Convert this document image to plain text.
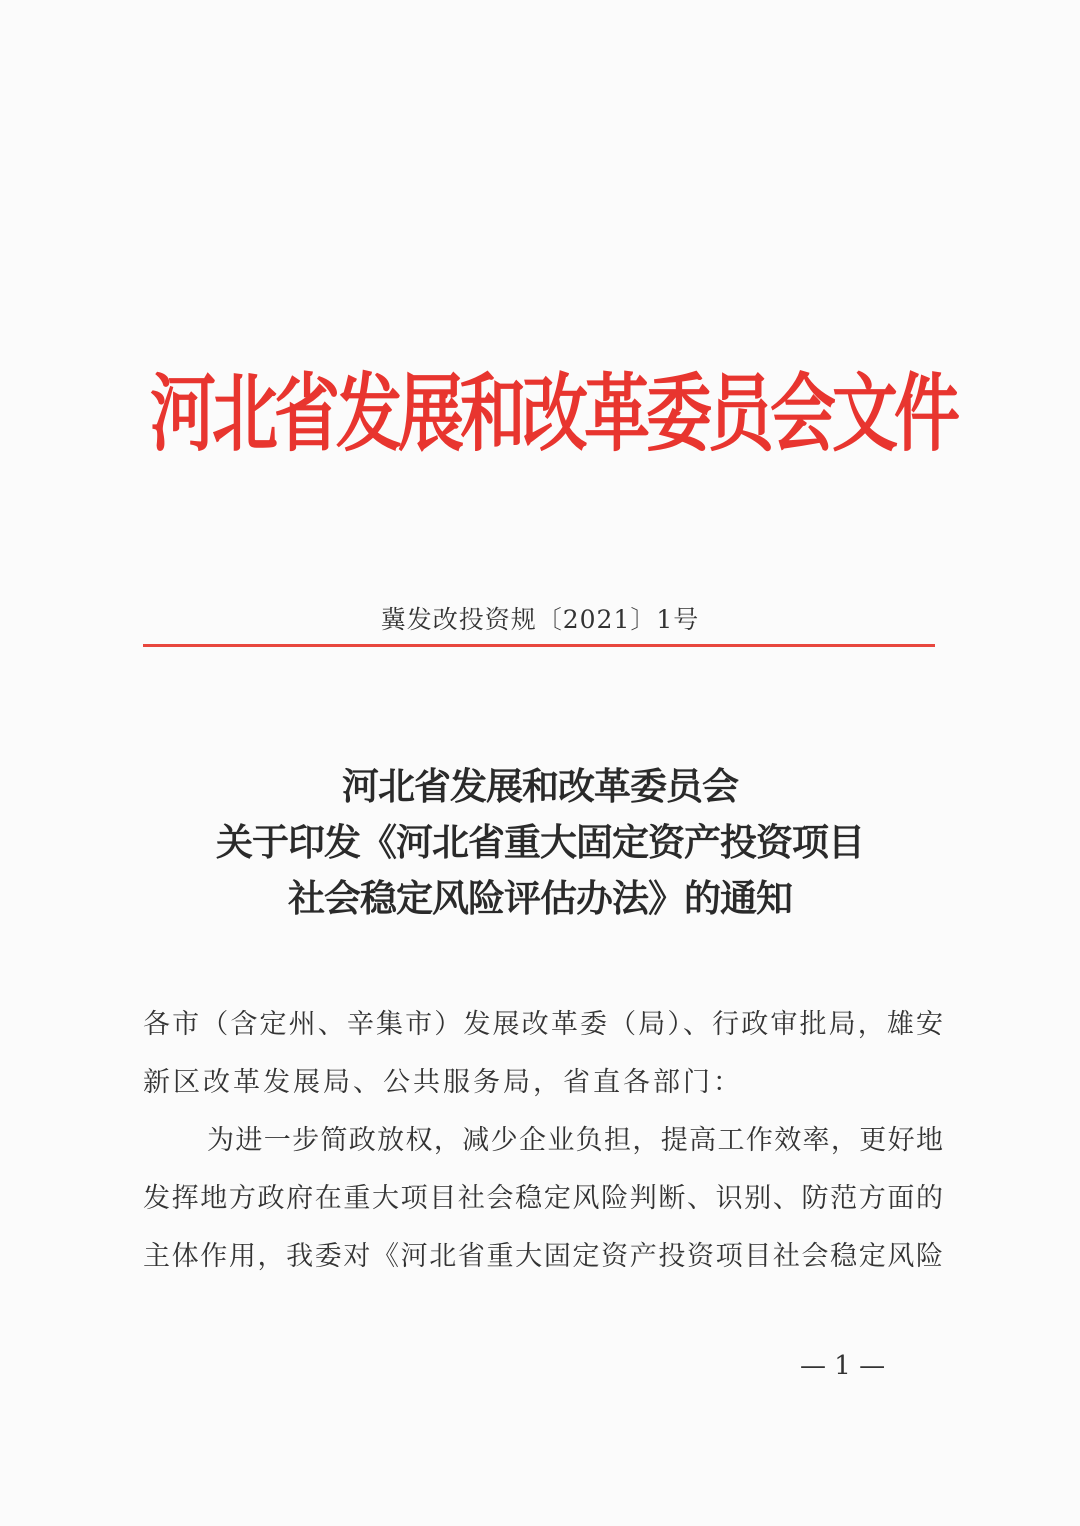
河北省发展和改革委员会文件
冀发改投资规〔2021〕1号
河北省发展和改革委员会
关于印发《河北省重大固定资产投资项目
社会稳定风险评估办法》的通知
各市（含定州、辛集市）发展改革委（局）、行政审批局，雄安
新区改革发展局、公共服务局，省直各部门：
为进一步简政放权，减少企业负担，提高工作效率，更好地
发挥地方政府在重大项目社会稳定风险判断、识别、防范方面的
主体作用，我委对《河北省重大固定资产投资项目社会稳定风险
— 1 —
